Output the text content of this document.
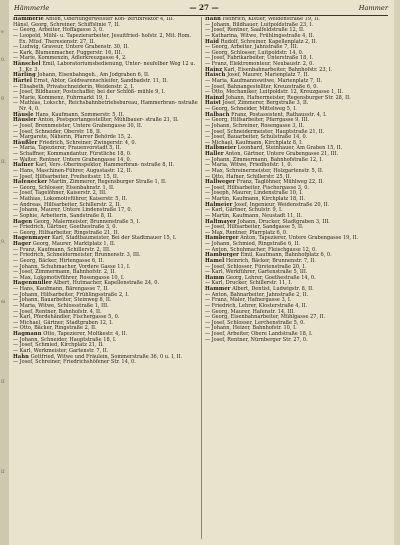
e
0.
g
II,
9,
ei
II
II
Hämmerle	— 27 —	Hammer

Hämmerle Anton, Oberfüngerweister Kon- zertbirektor 4, III.

Hänsl, Georg, Schreiner, Schiffslinie 7, II.

— Georg, Arbeiter, Hoffagasse 3, 0.

— Leopold, Mühl- u. Tapezierarbeiter, Jesuitfried- hofstr. 2, Mit. Rom. Ex. Müsf. Theresienstr. 27, II.

— Ludwig, Graveur, Untere Grabenstr. 30, II.

— Kark, Blumenmacher, Fuggerstr. 16, III.

— Marie, Kommenzin, Adlerkreuzgasse 4, 2.

Hänschel Emil, Laboratoriumsbedienung, Unter- neufelber Weg 12 u. 1, Kr. 3.

Härling Johann, Eisenbahngeh., Am Jodgraben 6, II.

Härtel Ernst, Abtor, Goldwarenschleifer, Sandbadstr. 11, II.

— Elisabeth, Privatschneiderin, Weidenstr. 2, I.

— Josef, Bildhauer, Postschaffer, bei der Schlöß- mühle 9, I.

— Marie, Kommenz, Fuhrmarkt 19, I.

— Mathias, Lokschr., Reichsbahnbetriebsbureau, Hammerbran- nstraße Nr. 4, 0.

Häusle Hans, Kaufmann, Sommerstr. 5, II.

Häusler Anton, Postsportangestellter, Mühlbauer- straße 21, II.

— Josef, Brennmeister, Untere Grabengasse 30, II.

— Josef, Schneider, Oberstr. 18, II.

— Margarete, Näherin, Pfarrer Behörde 15, 2.

Häußler Friedrich, Schreiner, Zwingerstr. 4, 0.

— Maria, Tapezierer, Frauenvorstadt 5, II.

— Schaffner, Kommandantur, Fürstliche 18, 0.

— Walter, Rentner, Untere Grabengasse 14, 0.

Hafner Karl, Vers.-Oberinspektor, Hammerbran- nstraße 8, II.

— Hans, Maschinen-Führer, Augustastr. 12, II.

— Josef, Hilfsarbeiter, Freiheitsstr. 15, II.

Hafenecker Martin, Zimmerer, Regensburger Straße 1, II.

— Georg, Schlosser, Eisenbahnstr. 1, II.

— Josef, Tagelöhner, Kaiserstr. 2, III.

— Mathias, Lokomotivführer, Kaiserstr. 5, II.

— Andreas, Hilfsarbeiter, Schillerstr. 2, II.

— Johann, Maurer, Untere Lindenstraße 17, 0.

— Sophie, Arbeiterin, Sandstraße 8, II.

Hagen Georg, Malermeister, Brunnenstraße 5, I.

— Friedrich, Gärtner, Goethestraße 3, 0.

— Georg, Hilfsarbeiter, Ringstraße 21, II.

Hagenmayer Karl, Stadtbaumeister, Bei der Stadtmauer 15, I.

Hager Georg, Maurer, Marktplatz 1, II.

— Franz, Kaufmann, Schillerstr. 2, III.

— Friedrich, Schneidermeister, Brunnenstr. 3, III.

— Georg, Bäcker, Hirtengasse 6, II.

— Johann, Schuhmacher, Vordere Gasse 11, I.

— Josef, Zimmermann, Bahnhofstr. 2, II.

— Max, Lokomotivführer, Rosengasse 10, I.

Hagenmüller Albert, Hutmacher, Kapellenstraße 24, 0.

— Hans, Kaufmann, Bärengasse 7, II.

— Johann, Hilfsarbeiter, Frühlingsstraße 2, I.

— Johann, Bauarbeiter, Steinweg 8, II.

— Maria, Witwe, Schlossstraße 1, III.

— Josef, Rentner, Bahnhofstr. 4, II.

— Karl, Pferdehändler, Fischergasse 5, 0.

— Michael, Gärtner, Stadtgraben 12, I.

— Otto, Bäcker, Ringstraße 2, II.

Hagmann Otto, Tapezierer, Moltkestr. 4, II.

— Johann, Schneider, Hauptstraße 18, I.

— Josef, Schmied, Kirchplatz 21, II.

— Karl, Werkmeister, Gartenstr. 7, II.

Hahn Gottfried, Witwe und Fräulein, Sommerstraße 36, 0 u. I, II.

— Josef, Schreiner, Friedrichshöfener Str. 14, 0.

Hahn Heinrich, Kistler, Weidenstraße 19, II.

— Johann, Bildhauer, Luitpoldstraße 23, I.

— Josef, Rentner, Saalfeldstraße 12, II.

— Katharina, Witwe, Frühlingsstraße 4, II.

Haid Rudolf, Schreiner, Kapellenplatz 2, II.

— Georg, Arbeiter, Jahnstraße 7, III.

— Georg, Schlosser, Luitpoldstr. 14, 0.

— Josef, Fabrikarbeiter, Unterstraße 18, I.

— Franz, Elektromonteur, Neubaustr. 2, 0.

Hainz Karl, Eisenbahnarbeiter, Bahnhofstr. 23, I.

Haisch Josef, Maurer, Marienplatz 7, II.

— Maria, Kaufmannswitwe, Marienplatz 7, II.

— Josef, Bahnangestellter, Kreuzstraße 6, 0.

— Otto, Mechaniker, Luitpoldstr. 12, Kreuzgasse 1, II.

Hainzl Johann, Hafnermeister, Regensburger Str. 28, II.

Haist Josef, Zimmerer, Bergstraße 3, II.

— Georg, Schneider, Mittelweg 5, I.

Halbach Franz, Postassistent, Rathausstr. 4, I.

— Georg, Hilfsarbeiter, Pfarrgasse 9, III.

— Johann, Schreiner, Rosengasse 3, II.

— Josef, Schneidermeister, Hauptstraße 21, II.

— Josef, Bauarbeiter, Schulstraße 14, 0.

— Michael, Kaufmann, Kirchplatz 8, I.

Halbmeier Leonhard, Steinhauer, Am Graben 15, II.

Haller Anton, Gärtner, Untere Grabengasse 21, III.

— Johann, Zimmermann, Bahnhofstraße 12, I.

— Maria, Witwe, Friedhofstr. 1, 0.

— Max, Schreinermeister, Holzgartenstr. 5, II.

— Otto, Hafner, Schillerstr. 25, II.

Hallweger Franz, Taglöhner, Mühlweg 22, II.

— Josef, Hilfsarbeiter, Fischergasse 3, 0.

— Joseph, Maurer, Lindenstraße 10, I.

— Martin, Kaufmann, Kirchplatz 18, II.

Halmeier Josef, Ingenieur, Weidenstraße 20, II.

— Karl, Gärtner, Schulstr. 9, I.

— Martin, Kaufmann, Neustadt 11, II.

Haltmayer Johann, Drucker, Stadtgraben 3, III.

— Josef, Hilfsarbeiter, Sandgasse 5, II.

— Max, Rentner, Pfarrplatz 6, 0.

Hamberger Anton, Tapezierer, Untere Grabengasse 19, II.

— Johann, Schmied, Ringstraße 6, II.

— Anton, Schuhmacher, Fleischgasse 12, 0.

Hamburger Emil, Kaufmann, Bahnhofplatz 6, 0.

Hamel Heinrich, Bäcker, Brunnenstr. 7, II.

— Josef, Schlosser, Fürstenstraße 20, I.

— Karl, Werkführer, Gartenstraße 5, III.

Hamm Georg, Lehrer, Goethestraße 14, 0.

— Karl, Drucker, Schillerstr. 11, I.

Hammer Albert, Dentist, Ludwigstr. 8, II.

— Anton, Bahnarbeiter, Jahnstraße 2, II.

— Franz, Maler, Hafnergasse 3, I.

— Friedrich, Lehrer, Klosterstraße 4, II.

— Georg, Maurer, Hafenstr. 14, III.

— Georg, Eisenbahnarbeiter, Mühlgasse 27, II.

— Josef, Schlosser, Lerchenstraße 5, 0.

— Johann, Heizer, Bahnhofstr. 10, I.

— Josef, Arbeiter, Obere Landstraße 18, I.

— Josef, Rentner, Nürnberger Str. 27, 0.
